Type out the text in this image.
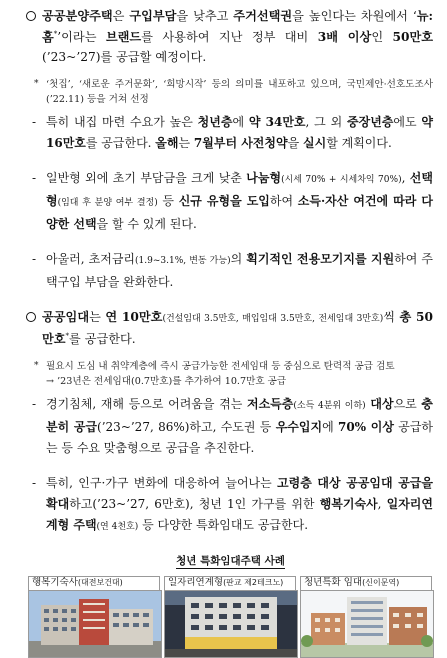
공공분양주택은 구입부담을 낮추고 주거선택권을 높인다는 차원에서 ‘뉴:홈*’이라는 브랜드를 사용하여 지난 정부 대비 3배 이상인 50만호(’23~’27)를 공급할 예정이다.

* ‘첫집’, ‘새로운 주거문화’, ‘희망시작’ 등의 의미를 내포하고 있으며, 국민제안·선호도조사(’22.11) 등을 거쳐 선정

- 특히 내집 마련 수요가 높은 청년층에 약 34만호, 그 외 중장년층에도 약 16만호를 공급한다. 올해는 7월부터 사전청약을 실시할 계획이다.

- 일반형 외에 초기 부담금을 크게 낮춘 나눔형(시세 70% + 시세차익 70%), 선택형(임대 후 분양 여부 결정) 등 신규 유형을 도입하여 소득·자산 여건에 따라 다양한 선택을 할 수 있게 된다.

- 아울러, 초저금리(1.9~3.1%, 변동 가능)의 획기적인 전용모기지를 지원하여 주택구입 부담을 완화한다.

공공임대는 연 10만호(건설임대 3.5만호, 매입임대 3.5만호, 전세임대 3만호)씩 총 50만호*를 공급한다.

* 필요시 도심 내 취약계층에 즉시 공급가능한 전세임대 등 중심으로 탄력적 공급 검토
→ ’23년은 전세임대(0.7만호)를 추가하여 10.7만호 공급

- 경기침체, 재해 등으로 어려움을 겪는 저소득층(소득 4분위 이하) 대상으로 충분히 공급(’23~’27, 86%)하고, 수도권 등 우수입지에 70% 이상 공급하는 등 수요 맞춤형으로 공급을 추진한다.

- 특히, 인구·가구 변화에 대응하여 늘어나는 고령층 대상 공공임대 공급을 확대하고(’23~’27, 6만호), 청년 1인 가구를 위한 행복기숙사, 일자리연계형 주택(연 4천호) 등 다양한 특화임대도 공급한다.

청년 특화임대주택 사례
행복기숙사(대전보건대)	일자리연계형(판교 제2테크노)	청년특화 임대(신이문역)
